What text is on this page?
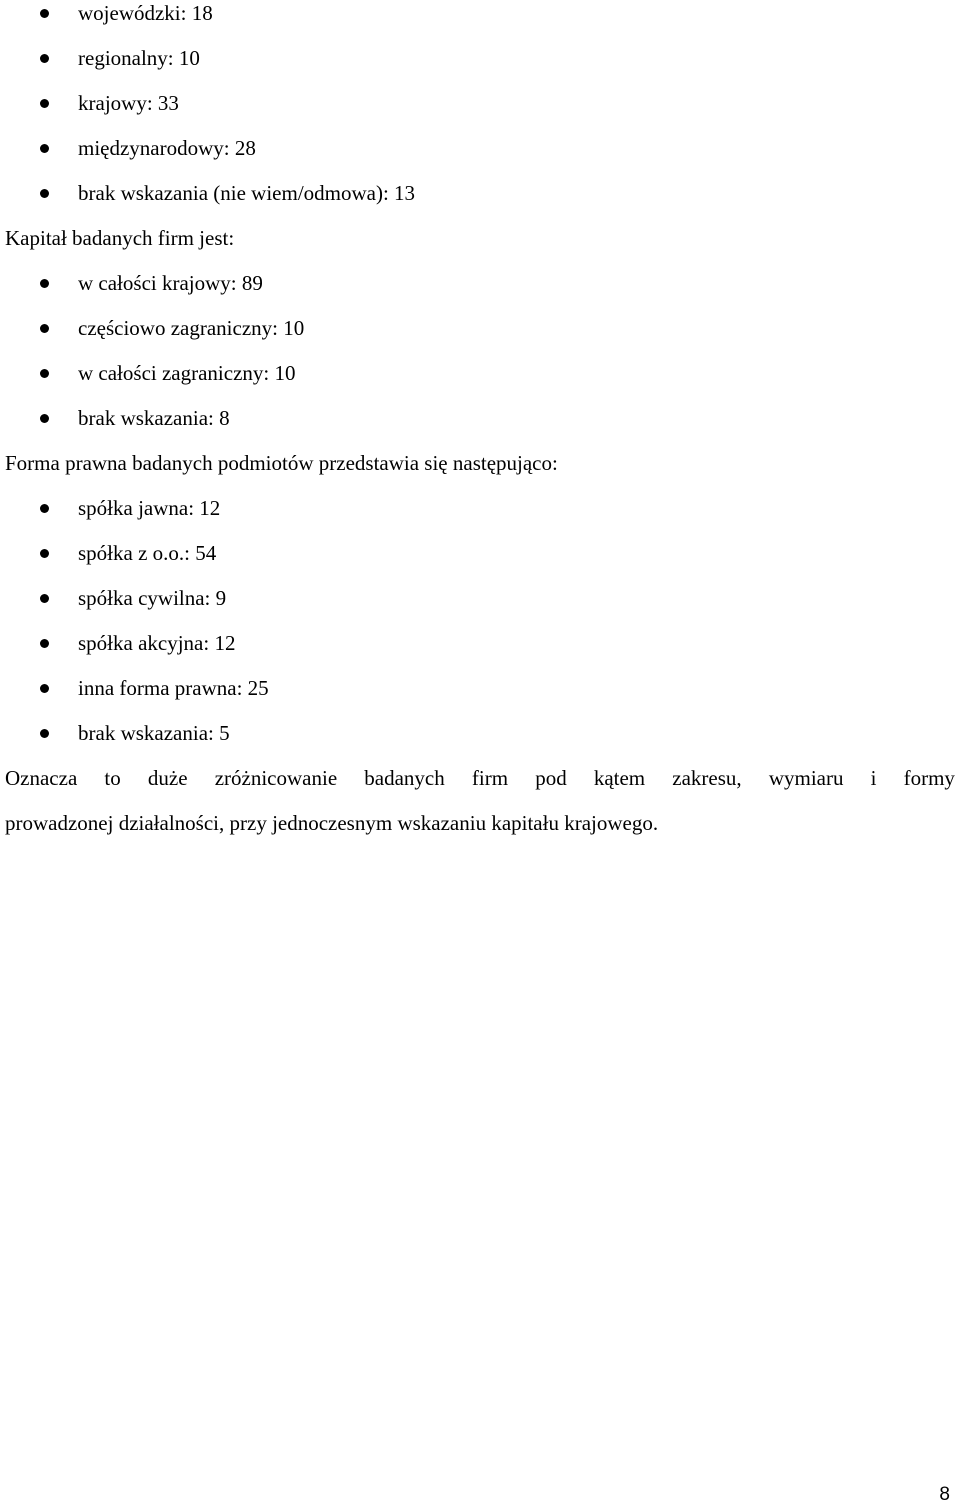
wojewódzki: 18
regionalny: 10
krajowy: 33
międzynarodowy: 28
brak wskazania (nie wiem/odmowa): 13
Kapitał badanych firm jest:
w całości krajowy: 89
częściowo zagraniczny: 10
w całości zagraniczny: 10
brak wskazania: 8
Forma prawna badanych podmiotów przedstawia się następująco:
spółka jawna: 12
spółka z o.o.: 54
spółka cywilna: 9
spółka akcyjna: 12
inna forma prawna: 25
brak wskazania: 5
Oznacza to duże zróżnicowanie badanych firm pod kątem zakresu, wymiaru i formy
prowadzonej działalności, przy jednoczesnym wskazaniu kapitału krajowego.
8
